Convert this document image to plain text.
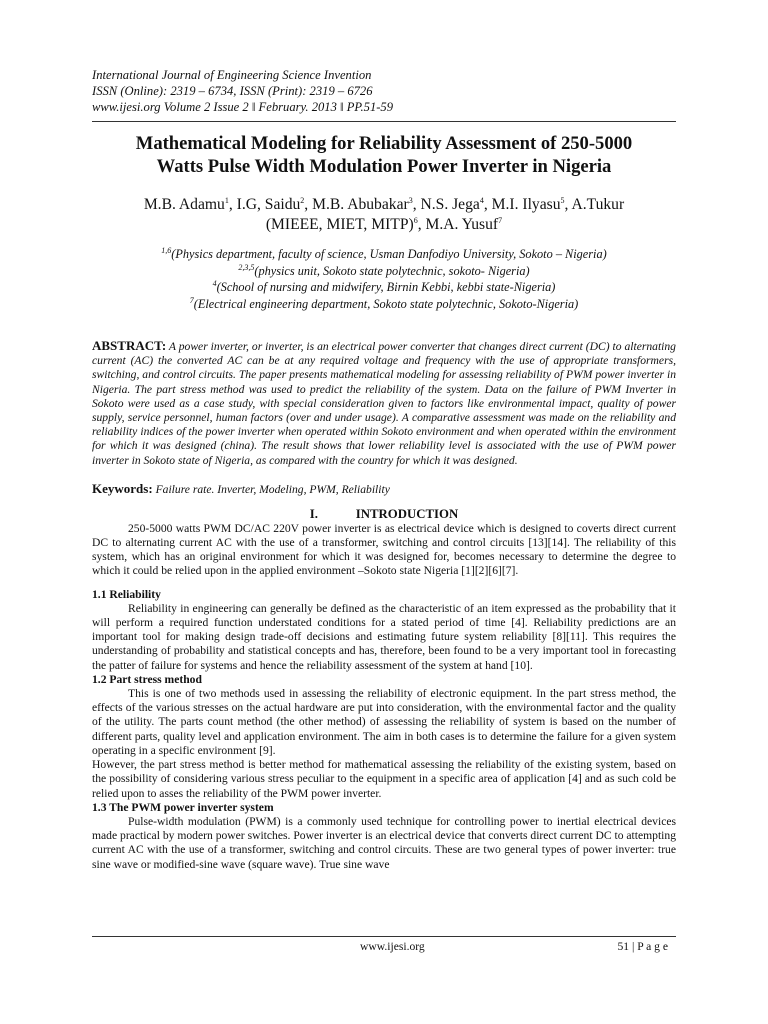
International Journal of Engineering Science Invention
ISSN (Online): 2319 – 6734, ISSN (Print): 2319 – 6726
www.ijesi.org Volume 2 Issue 2 ‖ February. 2013 ‖ PP.51-59
Mathematical Modeling for Reliability Assessment of 250-5000
Watts Pulse Width Modulation Power Inverter in Nigeria
M.B. Adamu$^1$, I.G, Saidu$^2$, M.B. Abubakar$^3$, N.S. Jega$^4$, M.I. Ilyasu$^5$, A.Tukur
(MIEEE, MIET, MITP)$^6$, M.A. Yusuf$^7$
$^{1,6}$(Physics department, faculty of science, Usman Danfodiyo University, Sokoto – Nigeria)
$^{2,3,5}$(physics unit, Sokoto state polytechnic, sokoto- Nigeria)
$^4$(School of nursing and midwifery, Birnin Kebbi, kebbi state-Nigeria)
$^7$(Electrical engineering department, Sokoto state polytechnic, Sokoto-Nigeria)

ABSTRACT: A power inverter, or inverter, is an electrical power converter that changes direct current (DC) to alternating current (AC) the converted AC can be at any required voltage and frequency with the use of appropriate transformers, switching, and control circuits. The paper presents mathematical modeling for assessing reliability of PWM power inverter in Nigeria. The part stress method was used to predict the reliability of the system. Data on the failure of PWM Inverter in Sokoto were used as a case study, with special consideration given to factors like environmental impact, quality of power supply, service personnel, human factors (over and under usage). A comparative assessment was made on the reliability and reliability indices of the power inverter when operated within Sokoto environment and when operated within the environment for which it was designed (china). The result shows that lower reliability level is associated with the use of PWM power inverter in Sokoto state of Nigeria, as compared with the country for which it was designed.

Keywords: Failure rate. Inverter, Modeling, PWM, Reliability
I.	INTRODUCTION

250-5000 watts PWM DC/AC 220V power inverter is as electrical device which is designed to coverts direct current DC to alternating current AC with the use of a transformer, switching and control circuits [13][14]. The reliability of this system, which has an original environment for which it was designed for, becomes necessary to determine the degree to which it could be relied upon in the applied environment –Sokoto state Nigeria [1][2][6][7].

1.1 Reliability

Reliability in engineering can generally be defined as the characteristic of an item expressed as the probability that it will perform a required function understated conditions for a stated period of time [4]. Reliability predictions are an important tool for making design trade-off decisions and estimating future system reliability [8][11]. This requires the understanding of probability and statistical concepts and has, therefore, been found to be a very important tool in forecasting the patter of failure for systems and hence the reliability assessment of the system at hand [10].

1.2 Part stress method

This is one of two methods used in assessing the reliability of electronic equipment. In the part stress method, the effects of the various stresses on the actual hardware are put into consideration, with the environmental factor and the quality of the utility. The parts count method (the other method) of assessing the reliability of system is based on the number of different parts, quality level and application environment. The aim in both cases is to determine the failure for a given system operating in a specific environment [9].

However, the part stress method is better method for mathematical assessing the reliability of the existing system, based on the possibility of considering various stress peculiar to the equipment in a specific area of application [4] and as such cold be relied upon to asses the reliability of the PWM power inverter.

1.3 The PWM power inverter system

Pulse-width modulation (PWM) is a commonly used technique for controlling power to inertial electrical devices made practical by modern power switches. Power inverter is an electrical device that converts direct current DC to attempting current AC with the use of a transformer, switching and control circuits. These are two general types of power inverter: true sine wave or modified-sine wave (square wave). True sine wave

www.ijesi.org	51 | P a g e
